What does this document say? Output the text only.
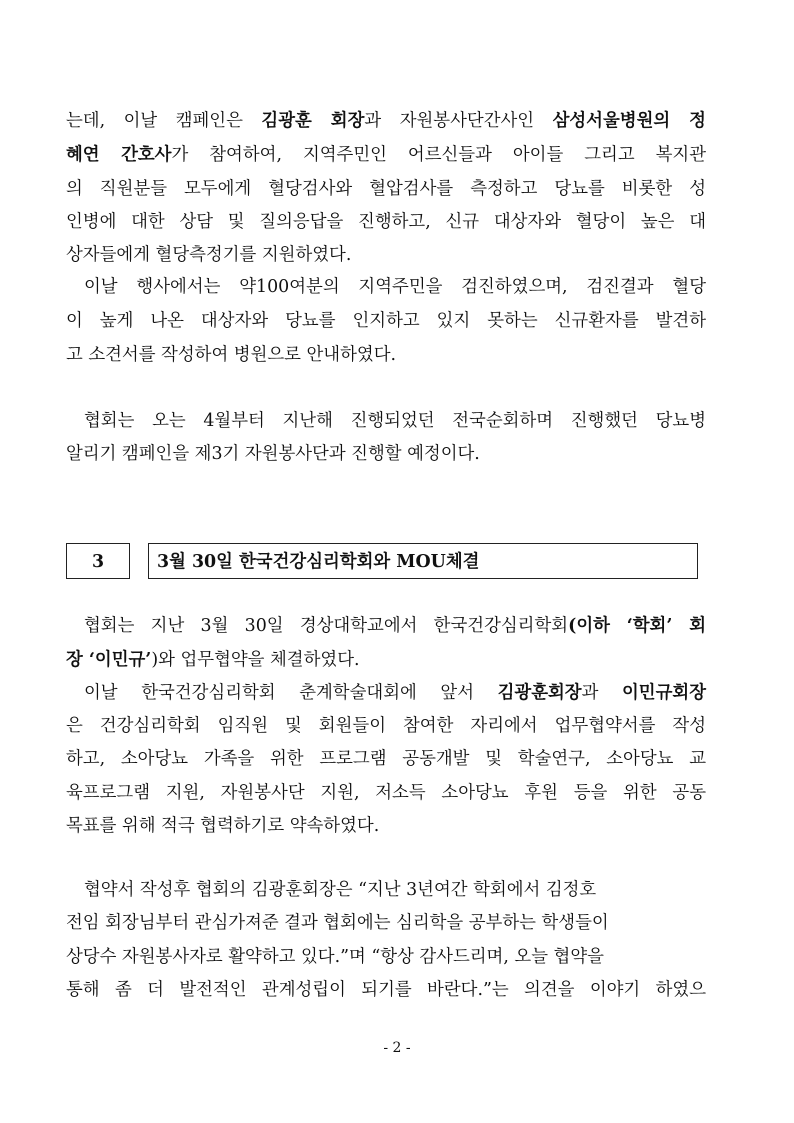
는데, 이날 캠페인은 김광훈 회장과 자원봉사단간사인 삼성서울병원의 정
혜연 간호사가 참여하여, 지역주민인 어르신들과 아이들 그리고 복지관
의 직원분들 모두에게 혈당검사와 혈압검사를 측정하고 당뇨를 비롯한 성
인병에 대한 상담 및 질의응답을 진행하고, 신규 대상자와 혈당이 높은 대
상자들에게 혈당측정기를 지원하였다.
이날 행사에서는 약100여분의 지역주민을 검진하였으며, 검진결과 혈당
이 높게 나온 대상자와 당뇨를 인지하고 있지 못하는 신규환자를 발견하
고 소견서를 작성하여 병원으로 안내하였다.
협회는 오는 4월부터 지난해 진행되었던 전국순회하며 진행했던 당뇨병
알리기 캠페인을 제3기 자원봉사단과 진행할 예정이다.
3	3월 30일 한국건강심리학회와 MOU체결
협회는 지난 3월 30일 경상대학교에서 한국건강심리학회(이하 ‘학회’ 회
장 ‘이민규’)와 업무협약을 체결하였다.
이날 한국건강심리학회 춘계학술대회에 앞서 김광훈회장과 이민규회장
은 건강심리학회 임직원 및 회원들이 참여한 자리에서 업무협약서를 작성
하고, 소아당뇨 가족을 위한 프로그램 공동개발 및 학술연구, 소아당뇨 교
육프로그램 지원, 자원봉사단 지원, 저소득 소아당뇨 후원 등을 위한 공동
목표를 위해 적극 협력하기로 약속하였다.
협약서 작성후 협회의 김광훈회장은 “지난 3년여간 학회에서 김정호
전임 회장님부터 관심가져준 결과 협회에는 심리학을 공부하는 학생들이
상당수 자원봉사자로 활약하고 있다.”며 “항상 감사드리며, 오늘 협약을
통해 좀 더 발전적인 관계성립이 되기를 바란다.”는 의견을 이야기 하였으
- 2 -
